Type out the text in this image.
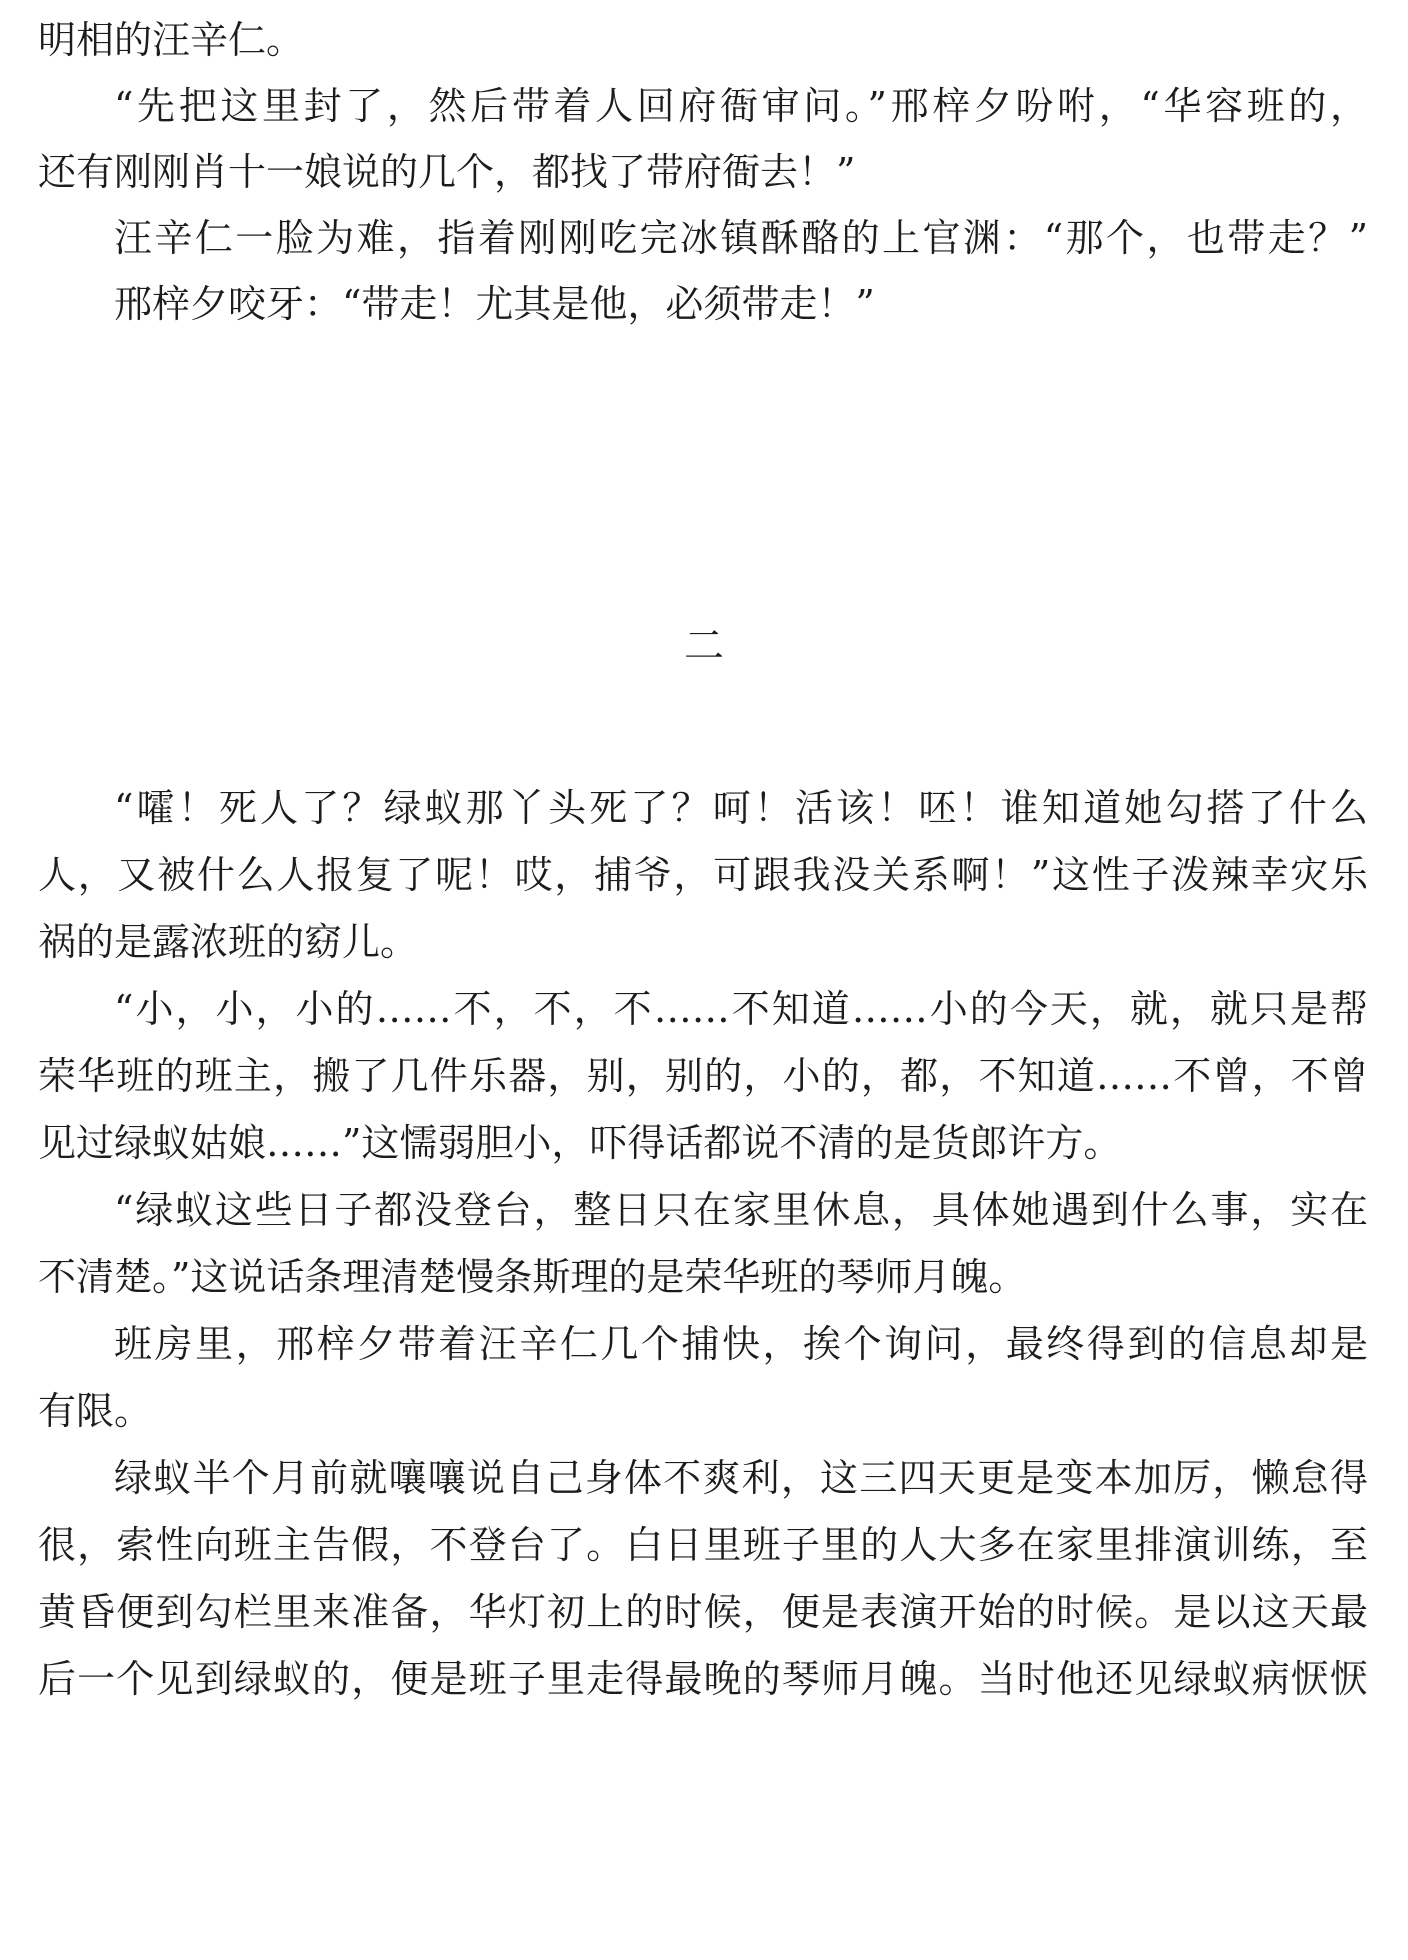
明相的汪辛仁。
“先把这里封了，然后带着人回府衙审问。”邢梓夕吩咐，“华容班的，
还有刚刚肖十一娘说的几个，都找了带府衙去！”
汪辛仁一脸为难，指着刚刚吃完冰镇酥酪的上官渊：“那个，也带走？”
邢梓夕咬牙：“带走！尤其是他，必须带走！”
二
“嚯！死人了？绿蚁那丫头死了？呵！活该！呸！谁知道她勾搭了什么
人，又被什么人报复了呢！哎，捕爷，可跟我没关系啊！”这性子泼辣幸灾乐
祸的是露浓班的窈儿。
“小，小，小的……不，不，不……不知道……小的今天，就，就只是帮
荣华班的班主，搬了几件乐器，别，别的，小的，都，不知道……不曾，不曾
见过绿蚁姑娘……”这懦弱胆小，吓得话都说不清的是货郎许方。
“绿蚁这些日子都没登台，整日只在家里休息，具体她遇到什么事，实在
不清楚。”这说话条理清楚慢条斯理的是荣华班的琴师月魄。
班房里，邢梓夕带着汪辛仁几个捕快，挨个询问，最终得到的信息却是
有限。
绿蚁半个月前就嚷嚷说自己身体不爽利，这三四天更是变本加厉，懒怠得
很，索性向班主告假，不登台了。白日里班子里的人大多在家里排演训练，至
黄昏便到勾栏里来准备，华灯初上的时候，便是表演开始的时候。是以这天最
后一个见到绿蚁的，便是班子里走得最晚的琴师月魄。当时他还见绿蚁病恹恹
